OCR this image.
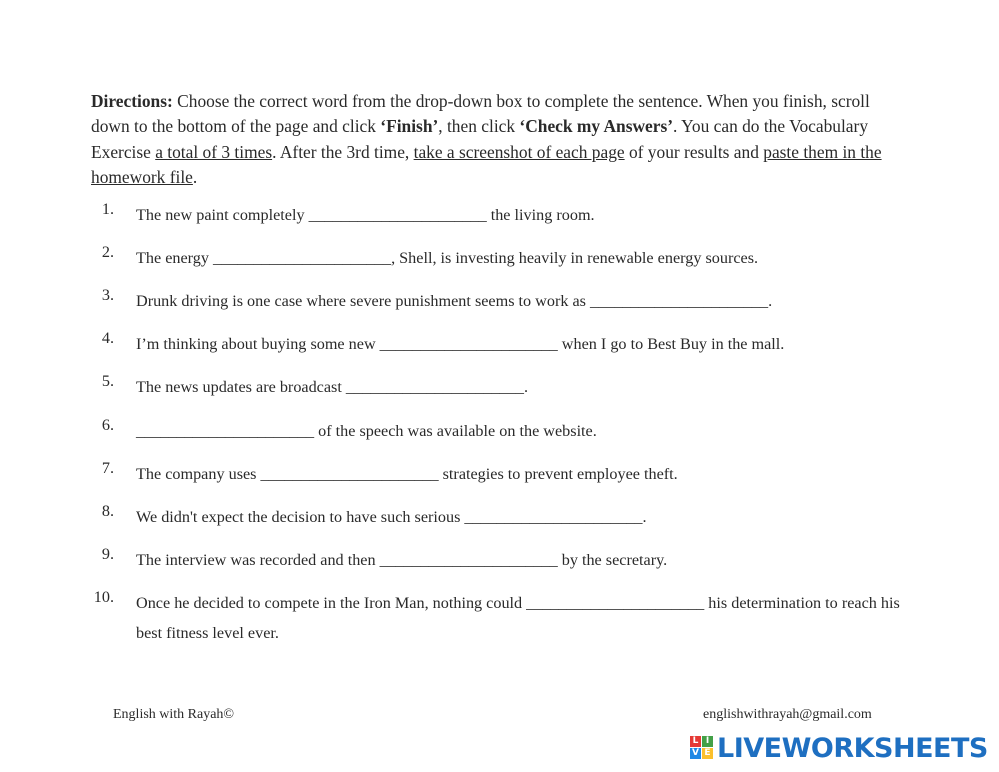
Directions: Choose the correct word from the drop-down box to complete the sentence. When you finish, scroll down to the bottom of the page and click ‘Finish’, then click ‘Check my Answers’. You can do the Vocabulary Exercise a total of 3 times. After the 3rd time, take a screenshot of each page of your results and paste them in the homework file.
1. The new paint completely ______________________ the living room.
2. The energy ______________________, Shell, is investing heavily in renewable energy sources.
3. Drunk driving is one case where severe punishment seems to work as ______________________.
4. I’m thinking about buying some new ______________________ when I go to Best Buy in the mall.
5. The news updates are broadcast ______________________.
6. ______________________ of the speech was available on the website.
7. The company uses ______________________ strategies to prevent employee theft.
8. We didn't expect the decision to have such serious ______________________.
9. The interview was recorded and then ______________________ by the secretary.
10. Once he decided to compete in the Iron Man, nothing could ______________________ his determination to reach his best fitness level ever.
English with Rayah©	englishwithrayah@gmail.com
L I
V E LIVEWORKSHEETS
